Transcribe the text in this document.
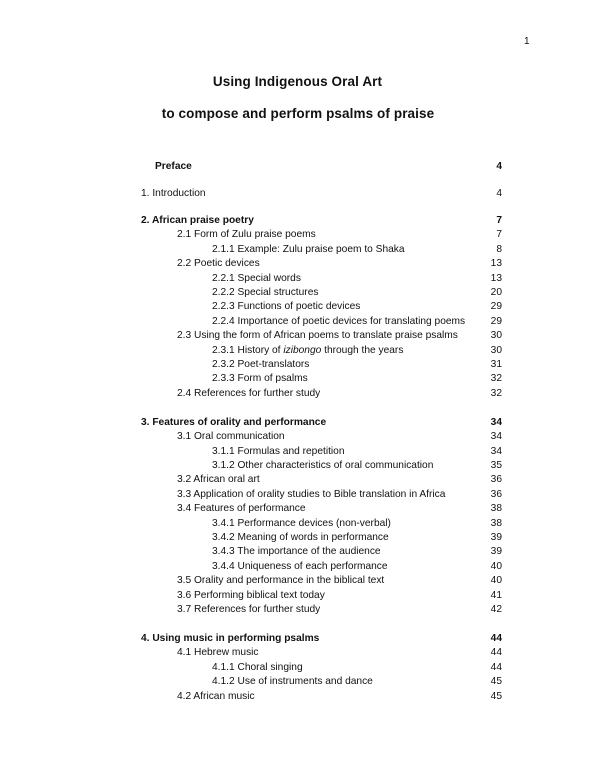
1
Using Indigenous Oral Art
to compose and perform psalms of praise
Preface	4
1. Introduction	4
2. African praise poetry	7
2.1 Form of Zulu praise poems	7
2.1.1 Example: Zulu praise poem to Shaka	8
2.2 Poetic devices	13
2.2.1 Special words	13
2.2.2 Special structures	20
2.2.3 Functions of poetic devices	29
2.2.4 Importance of poetic devices for translating poems	29
2.3 Using the form of African poems to translate praise psalms	30
2.3.1 History of izibongo through the years	30
2.3.2 Poet-translators	31
2.3.3 Form of psalms	32
2.4 References for further study	32
3. Features of orality and performance	34
3.1 Oral communication	34
3.1.1 Formulas and repetition	34
3.1.2 Other characteristics of oral communication	35
3.2 African oral art	36
3.3 Application of orality studies to Bible translation in Africa	36
3.4 Features of performance	38
3.4.1 Performance devices (non-verbal)	38
3.4.2 Meaning of words in performance	39
3.4.3 The importance of the audience	39
3.4.4 Uniqueness of each performance	40
3.5 Orality and performance in the biblical text	40
3.6 Performing biblical text today	41
3.7 References for further study	42
4. Using music in performing psalms	44
4.1 Hebrew music	44
4.1.1 Choral singing	44
4.1.2 Use of instruments and dance	45
4.2 African music	45
